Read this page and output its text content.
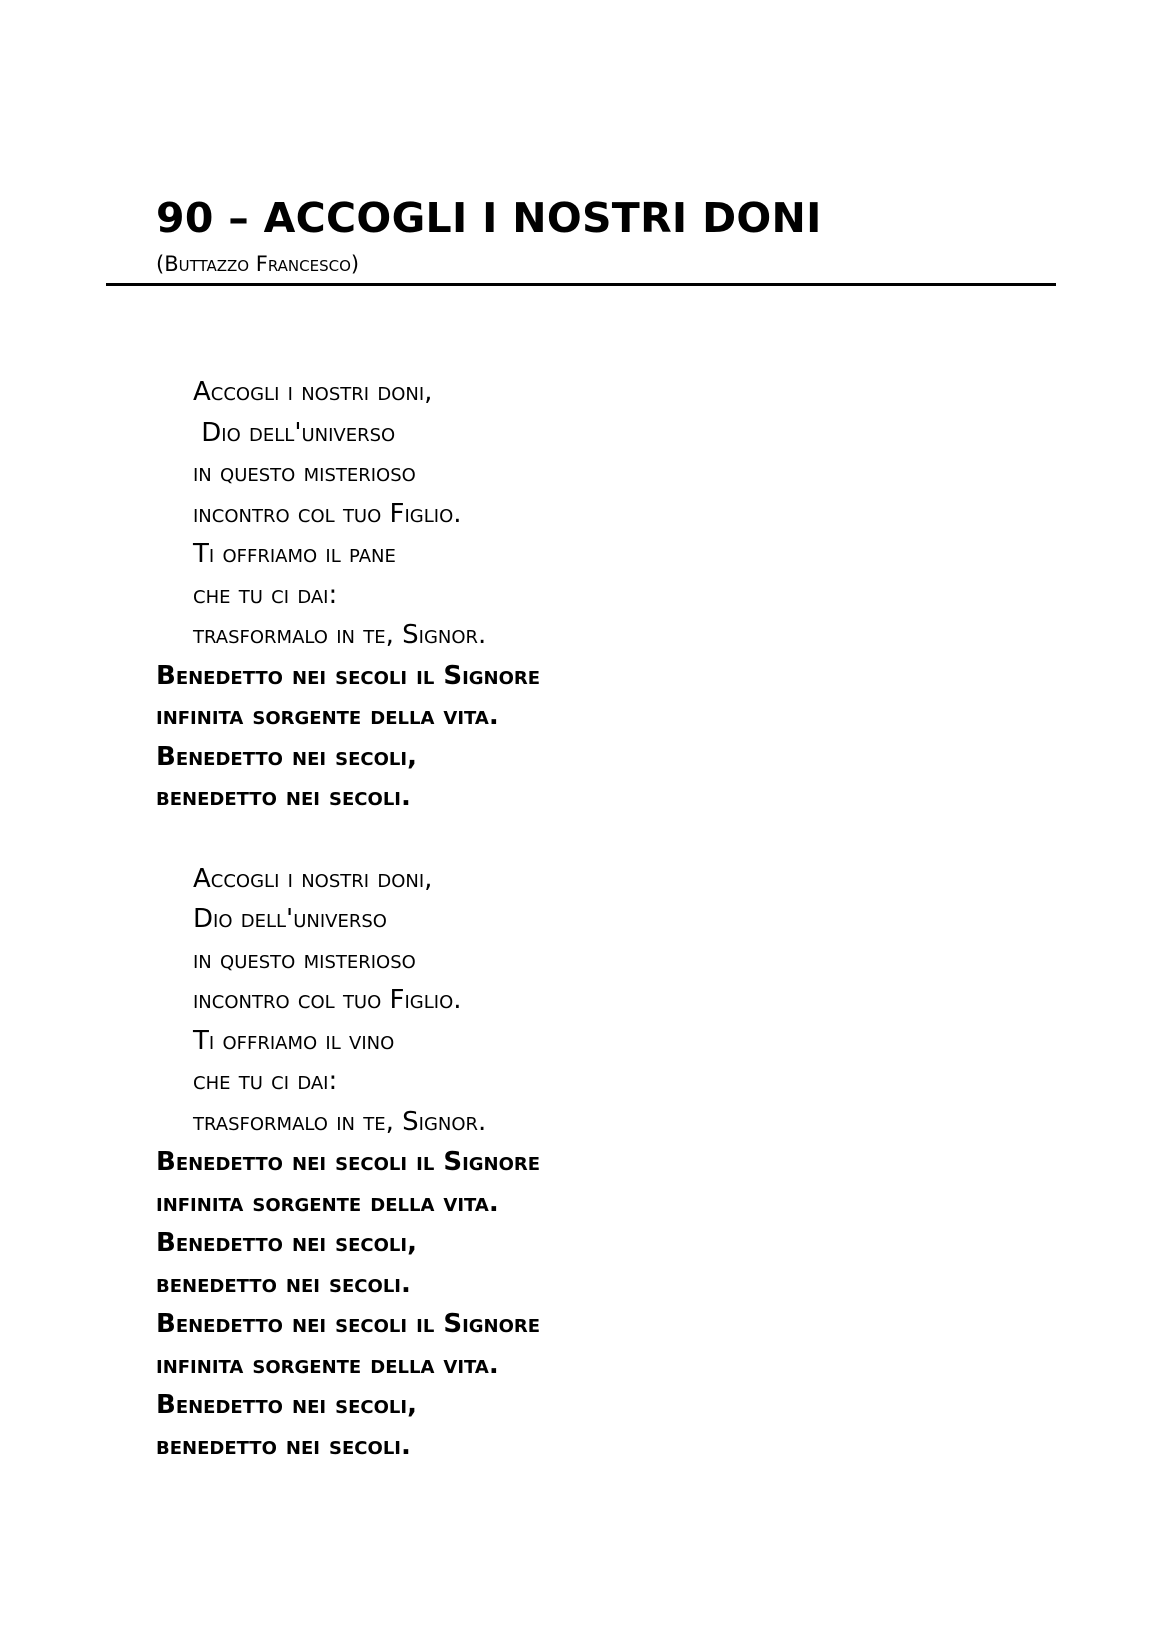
90 – ACCOGLI I NOSTRI DONI
(Buttazzo Francesco)
Accogli i nostri doni,
Dio dell'universo
in questo misterioso
incontro col tuo Figlio.
Ti offriamo il pane
che tu ci dai:
trasformalo in te, Signor.
Benedetto nei secoli il Signore
infinita sorgente della vita.
Benedetto nei secoli,
benedetto nei secoli.
Accogli i nostri doni,
Dio dell'universo
in questo misterioso
incontro col tuo Figlio.
Ti offriamo il vino
che tu ci dai:
trasformalo in te, Signor.
Benedetto nei secoli il Signore
infinita sorgente della vita.
Benedetto nei secoli,
benedetto nei secoli.
Benedetto nei secoli il Signore
infinita sorgente della vita.
Benedetto nei secoli,
benedetto nei secoli.
